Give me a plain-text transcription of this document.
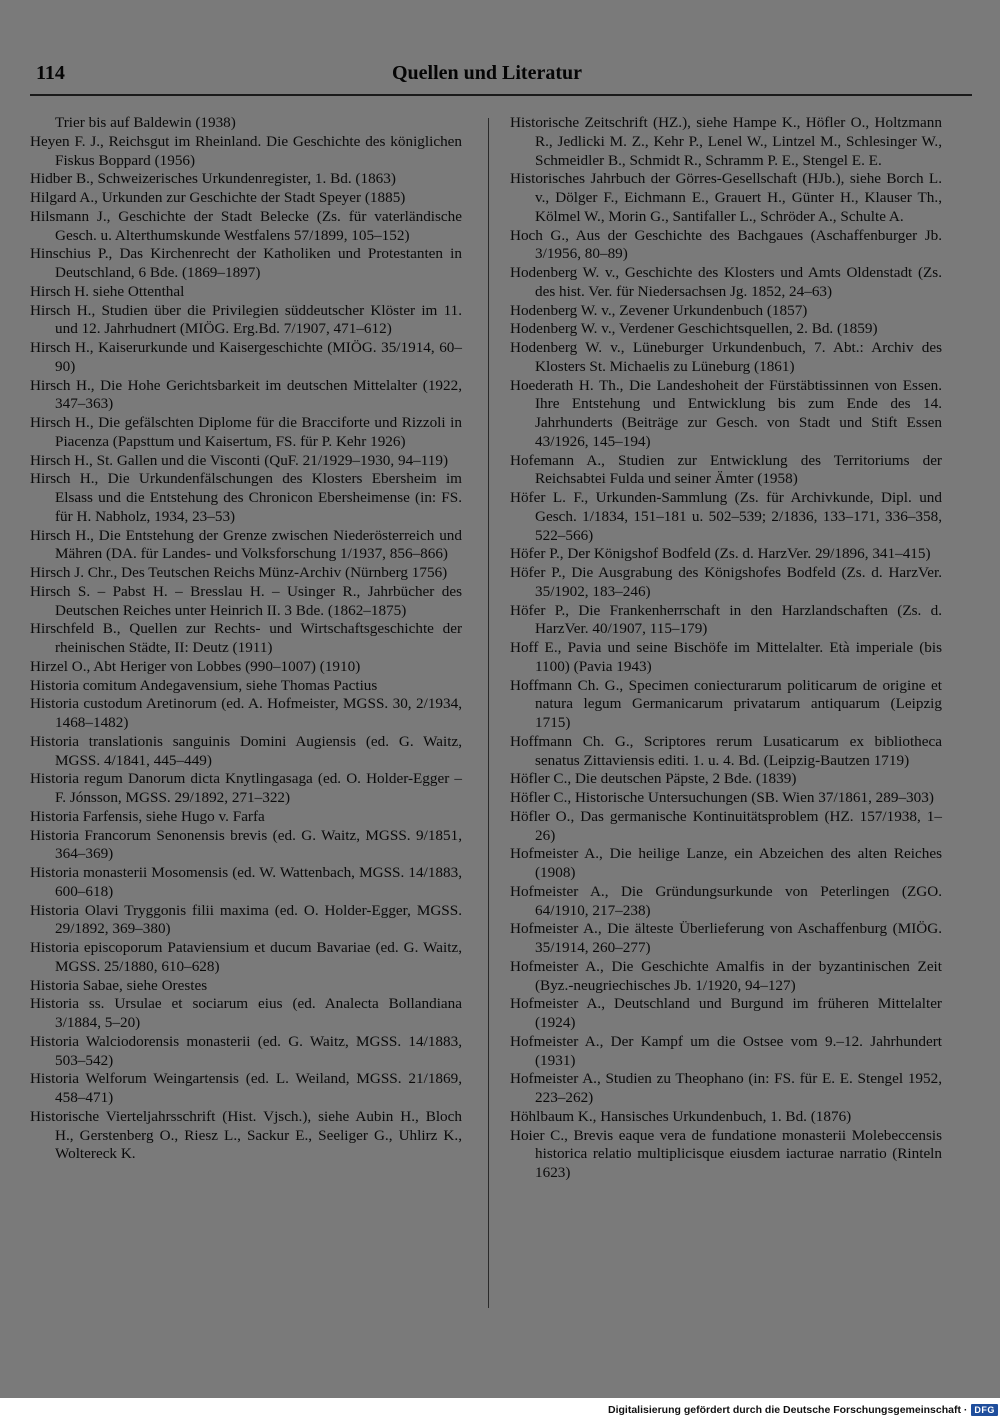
114	Quellen und Literatur

Trier bis auf Baldewin (1938)

Heyen F. J., Reichsgut im Rheinland. Die Geschichte des königlichen Fiskus Boppard (1956)

Hidber B., Schweizerisches Urkundenregister, 1. Bd. (1863)

Hilgard A., Urkunden zur Geschichte der Stadt Speyer (1885)

Hilsmann J., Geschichte der Stadt Belecke (Zs. für vaterländische Gesch. u. Alterthumskunde Westfalens 57/1899, 105–152)

Hinschius P., Das Kirchenrecht der Katholiken und Protestanten in Deutschland, 6 Bde. (1869–1897)

Hirsch H. siehe Ottenthal

Hirsch H., Studien über die Privilegien süddeutscher Klöster im 11. und 12. Jahrhudnert (MIÖG. Erg.Bd. 7/1907, 471–612)

Hirsch H., Kaiserurkunde und Kaisergeschichte (MIÖG. 35/1914, 60–90)

Hirsch H., Die Hohe Gerichtsbarkeit im deutschen Mittelalter (1922, 347–363)

Hirsch H., Die gefälschten Diplome für die Bracciforte und Rizzoli in Piacenza (Papsttum und Kaisertum, FS. für P. Kehr 1926)

Hirsch H., St. Gallen und die Visconti (QuF. 21/1929–1930, 94–119)

Hirsch H., Die Urkundenfälschungen des Klosters Ebersheim im Elsass und die Entstehung des Chronicon Ebersheimense (in: FS. für H. Nabholz, 1934, 23–53)

Hirsch H., Die Entstehung der Grenze zwischen Niederösterreich und Mähren (DA. für Landes- und Volksforschung 1/1937, 856–866)

Hirsch J. Chr., Des Teutschen Reichs Münz-Archiv (Nürnberg 1756)

Hirsch S. – Pabst H. – Bresslau H. – Usinger R., Jahrbücher des Deutschen Reiches unter Heinrich II. 3 Bde. (1862–1875)

Hirschfeld B., Quellen zur Rechts- und Wirtschaftsgeschichte der rheinischen Städte, II: Deutz (1911)

Hirzel O., Abt Heriger von Lobbes (990–1007) (1910)

Historia comitum Andegavensium, siehe Thomas Pactius

Historia custodum Aretinorum (ed. A. Hofmeister, MGSS. 30, 2/1934, 1468–1482)

Historia translationis sanguinis Domini Augiensis (ed. G. Waitz, MGSS. 4/1841, 445–449)

Historia regum Danorum dicta Knytlingasaga (ed. O. Holder-Egger – F. Jónsson, MGSS. 29/1892, 271–322)

Historia Farfensis, siehe Hugo v. Farfa

Historia Francorum Senonensis brevis (ed. G. Waitz, MGSS. 9/1851, 364–369)

Historia monasterii Mosomensis (ed. W. Wattenbach, MGSS. 14/1883, 600–618)

Historia Olavi Tryggonis filii maxima (ed. O. Holder-Egger, MGSS. 29/1892, 369–380)

Historia episcoporum Pataviensium et ducum Bavariae (ed. G. Waitz, MGSS. 25/1880, 610–628)

Historia Sabae, siehe Orestes

Historia ss. Ursulae et sociarum eius (ed. Analecta Bollandiana 3/1884, 5–20)

Historia Walciodorensis monasterii (ed. G. Waitz, MGSS. 14/1883, 503–542)

Historia Welforum Weingartensis (ed. L. Weiland, MGSS. 21/1869, 458–471)

Historische Vierteljahrsschrift (Hist. Vjsch.), siehe Aubin H., Bloch H., Gerstenberg O., Riesz L., Sackur E., Seeliger G., Uhlirz K., Woltereck K.

Historische Zeitschrift (HZ.), siehe Hampe K., Höfler O., Holtzmann R., Jedlicki M. Z., Kehr P., Lenel W., Lintzel M., Schlesinger W., Schmeidler B., Schmidt R., Schramm P. E., Stengel E. E.

Historisches Jahrbuch der Görres-Gesellschaft (HJb.), siehe Borch L. v., Dölger F., Eichmann E., Grauert H., Günter H., Klauser Th., Kölmel W., Morin G., Santifaller L., Schröder A., Schulte A.

Hoch G., Aus der Geschichte des Bachgaues (Aschaffenburger Jb. 3/1956, 80–89)

Hodenberg W. v., Geschichte des Klosters und Amts Oldenstadt (Zs. des hist. Ver. für Niedersachsen Jg. 1852, 24–63)

Hodenberg W. v., Zevener Urkundenbuch (1857)

Hodenberg W. v., Verdener Geschichtsquellen, 2. Bd. (1859)

Hodenberg W. v., Lüneburger Urkundenbuch, 7. Abt.: Archiv des Klosters St. Michaelis zu Lüneburg (1861)

Hoederath H. Th., Die Landeshoheit der Fürstäbtissinnen von Essen. Ihre Entstehung und Entwicklung bis zum Ende des 14. Jahrhunderts (Beiträge zur Gesch. von Stadt und Stift Essen 43/1926, 145–194)

Hofemann A., Studien zur Entwicklung des Territoriums der Reichsabtei Fulda und seiner Ämter (1958)

Höfer L. F., Urkunden-Sammlung (Zs. für Archivkunde, Dipl. und Gesch. 1/1834, 151–181 u. 502–539; 2/1836, 133–171, 336–358, 522–566)

Höfer P., Der Königshof Bodfeld (Zs. d. HarzVer. 29/1896, 341–415)

Höfer P., Die Ausgrabung des Königshofes Bodfeld (Zs. d. HarzVer. 35/1902, 183–246)

Höfer P., Die Frankenherrschaft in den Harzlandschaften (Zs. d. HarzVer. 40/1907, 115–179)

Hoff E., Pavia und seine Bischöfe im Mittelalter. Età imperiale (bis 1100) (Pavia 1943)

Hoffmann Ch. G., Specimen coniecturarum politicarum de origine et natura legum Germanicarum privatarum antiquarum (Leipzig 1715)

Hoffmann Ch. G., Scriptores rerum Lusaticarum ex bibliotheca senatus Zittaviensis editi. 1. u. 4. Bd. (Leipzig-Bautzen 1719)

Höfler C., Die deutschen Päpste, 2 Bde. (1839)

Höfler C., Historische Untersuchungen (SB. Wien 37/1861, 289–303)

Höfler O., Das germanische Kontinuitätsproblem (HZ. 157/1938, 1–26)

Hofmeister A., Die heilige Lanze, ein Abzeichen des alten Reiches (1908)

Hofmeister A., Die Gründungsurkunde von Peterlingen (ZGO. 64/1910, 217–238)

Hofmeister A., Die älteste Überlieferung von Aschaffenburg (MIÖG. 35/1914, 260–277)

Hofmeister A., Die Geschichte Amalfis in der byzantinischen Zeit (Byz.-neugriechisches Jb. 1/1920, 94–127)

Hofmeister A., Deutschland und Burgund im früheren Mittelalter (1924)

Hofmeister A., Der Kampf um die Ostsee vom 9.–12. Jahrhundert (1931)

Hofmeister A., Studien zu Theophano (in: FS. für E. E. Stengel 1952, 223–262)

Höhlbaum K., Hansisches Urkundenbuch, 1. Bd. (1876)

Hoier C., Brevis eaque vera de fundatione monasterii Molebeccensis historica relatio multiplicisque eiusdem iacturae narratio (Rinteln 1623)

Digitalisierung gefördert durch die Deutsche Forschungsgemeinschaft · DFG
